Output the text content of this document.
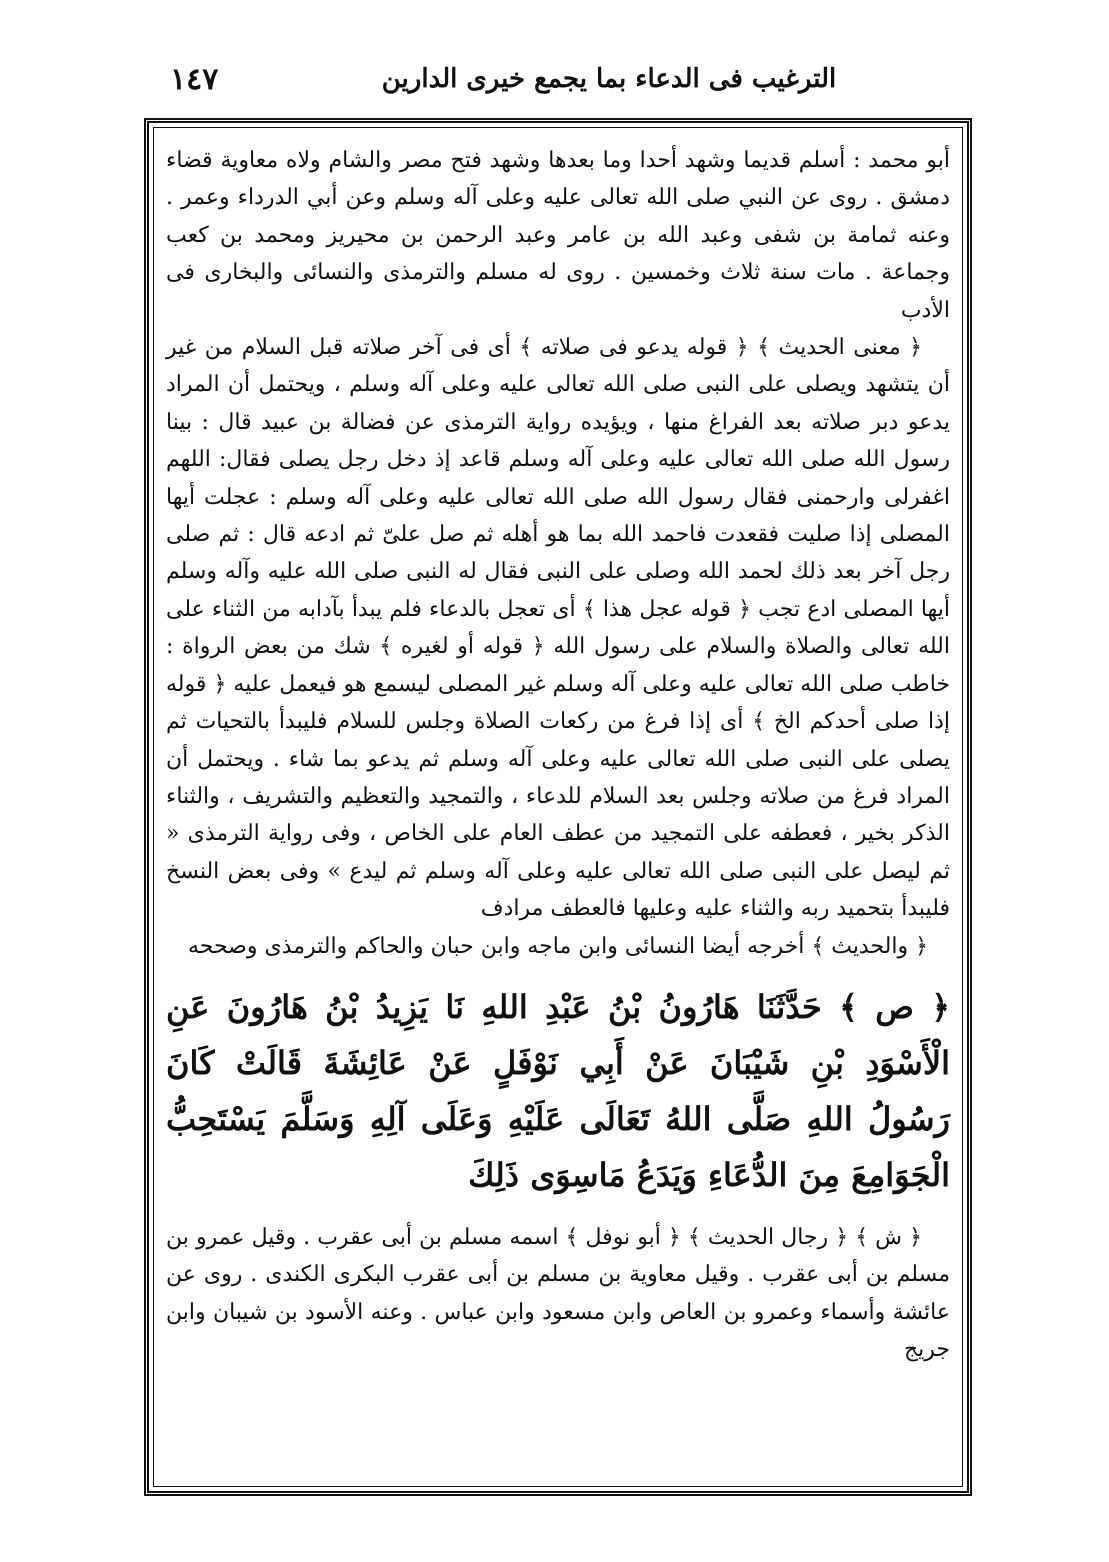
١٤٧	الترغيب فى الدعاء بما يجمع خيرى الدارين

أبو محمد : أسلم قديما وشهد أحدا وما بعدها وشهد فتح مصر والشام ولاه معاوية قضاء دمشق . روى عن النبي صلى الله تعالى عليه وعلى آله وسلم وعن أبي الدرداء وعمر . وعنه ثمامة بن شفى وعبد الله بن عامر وعبد الرحمن بن محيريز ومحمد بن كعب وجماعة . مات سنة ثلاث وخمسين . روى له مسلم والترمذى والنسائى والبخارى فى الأدب

﴿ معنى الحديث ﴾ ﴿ قوله يدعو فى صلاته ﴾ أى فى آخر صلاته قبل السلام من غير أن يتشهد ويصلى على النبى صلى الله تعالى عليه وعلى آله وسلم ، ويحتمل أن المراد يدعو دبر صلاته بعد الفراغ منها ، ويؤيده رواية الترمذى عن فضالة بن عبيد قال : بينا رسول الله صلى الله تعالى عليه وعلى آله وسلم قاعد إذ دخل رجل يصلى فقال: اللهم اغفرلى وارحمنى فقال رسول الله صلى الله تعالى عليه وعلى آله وسلم : عجلت أيها المصلى إذا صليت فقعدت فاحمد الله بما هو أهله ثم صل علىّ ثم ادعه قال : ثم صلى رجل آخر بعد ذلك لحمد الله وصلى على النبى فقال له النبى صلى الله عليه وآله وسلم أيها المصلى ادع تجب ﴿ قوله عجل هذا ﴾ أى تعجل بالدعاء فلم يبدأ بآدابه من الثناء على الله تعالى والصلاة والسلام على رسول الله ﴿ قوله أو لغيره ﴾ شك من بعض الرواة : خاطب صلى الله تعالى عليه وعلى آله وسلم غير المصلى ليسمع هو فيعمل عليه ﴿ قوله إذا صلى أحدكم الخ ﴾ أى إذا فرغ من ركعات الصلاة وجلس للسلام فليبدأ بالتحيات ثم يصلى على النبى صلى الله تعالى عليه وعلى آله وسلم ثم يدعو بما شاء . ويحتمل أن المراد فرغ من صلاته وجلس بعد السلام للدعاء ، والتمجيد والتعظيم والتشريف ، والثناء الذكر بخير ، فعطفه على التمجيد من عطف العام على الخاص ، وفى رواية الترمذى « ثم ليصل على النبى صلى الله تعالى عليه وعلى آله وسلم ثم ليدع » وفى بعض النسخ فليبدأ بتحميد ربه والثناء عليه وعليها فالعطف مرادف

﴿ والحديث ﴾ أخرجه أيضا النسائى وابن ماجه وابن حبان والحاكم والترمذى وصححه

﴿ ص ﴾ حَدَّثَنَا هَارُونُ بْنُ عَبْدِ اللهِ نَا يَزِيدُ بْنُ هَارُونَ عَنِ الْأَسْوَدِ بْنِ شَيْبَانَ عَنْ أَبِي نَوْفَلٍ عَنْ عَائِشَةَ قَالَتْ كَانَ رَسُولُ اللهِ صَلَّى اللهُ تَعَالَى عَلَيْهِ وَعَلَى آلِهِ وَسَلَّمَ يَسْتَحِبُّ الْجَوَامِعَ مِنَ الدُّعَاءِ وَيَدَعُ مَاسِوَى ذَلِكَ

﴿ ش ﴾ ﴿ رجال الحديث ﴾ ﴿ أبو نوفل ﴾ اسمه مسلم بن أبى عقرب . وقيل عمرو بن مسلم بن أبى عقرب . وقيل معاوية بن مسلم بن أبى عقرب البكرى الكندى . روى عن عائشة وأسماء وعمرو بن العاص وابن مسعود وابن عباس . وعنه الأسود بن شيبان وابن جريج
